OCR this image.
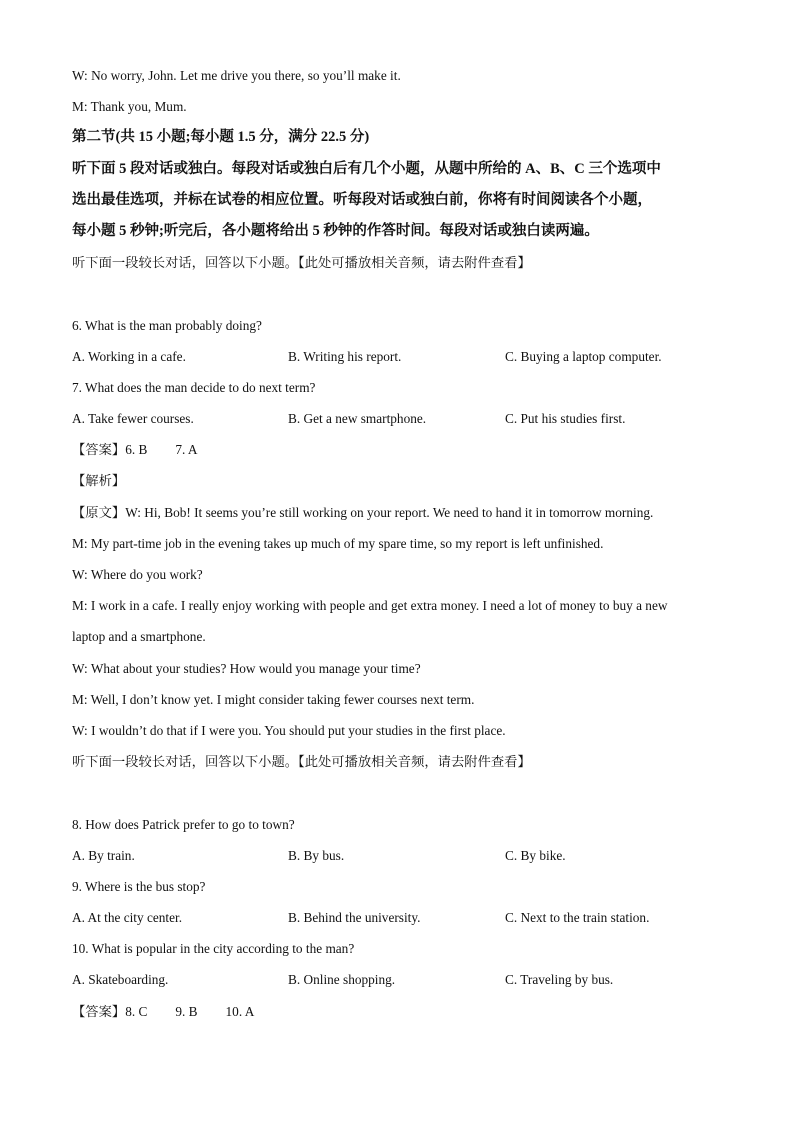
W: No worry, John. Let me drive you there, so you’ll make it.
M: Thank you, Mum.
第二节(共 15 小题;每小题 1.5 分，满分 22.5 分)
听下面 5 段对话或独白。每段对话或独白后有几个小题，从题中所给的 A、B、C 三个选项中
选出最佳选项，并标在试卷的相应位置。听每段对话或独白前，你将有时间阅读各个小题，
每小题 5 秒钟;听完后，各小题将给出 5 秒钟的作答时间。每段对话或独白读两遍。
听下面一段较长对话，回答以下小题。【此处可播放相关音频，请去附件查看】
6. What is the man probably doing?
A. Working in a cafe.	B. Writing his report.	C. Buying a laptop computer.
7. What does the man decide to do next term?
A. Take fewer courses.	B. Get a new smartphone.	C. Put his studies first.
【答案】6. B 7. A
【解析】
【原文】W: Hi, Bob! It seems you’re still working on your report. We need to hand it in tomorrow morning.
M: My part-time job in the evening takes up much of my spare time, so my report is left unfinished.
W: Where do you work?
M: I work in a cafe. I really enjoy working with people and get extra money. I need a lot of money to buy a new
laptop and a smartphone.
W: What about your studies? How would you manage your time?
M: Well, I don’t know yet. I might consider taking fewer courses next term.
W: I wouldn’t do that if I were you. You should put your studies in the first place.
听下面一段较长对话，回答以下小题。【此处可播放相关音频，请去附件查看】
8. How does Patrick prefer to go to town?
A. By train.	B. By bus.	C. By bike.
9. Where is the bus stop?
A. At the city center.	B. Behind the university.	C. Next to the train station.
10. What is popular in the city according to the man?
A. Skateboarding.	B. Online shopping.	C. Traveling by bus.
【答案】8. C 9. B 10. A
